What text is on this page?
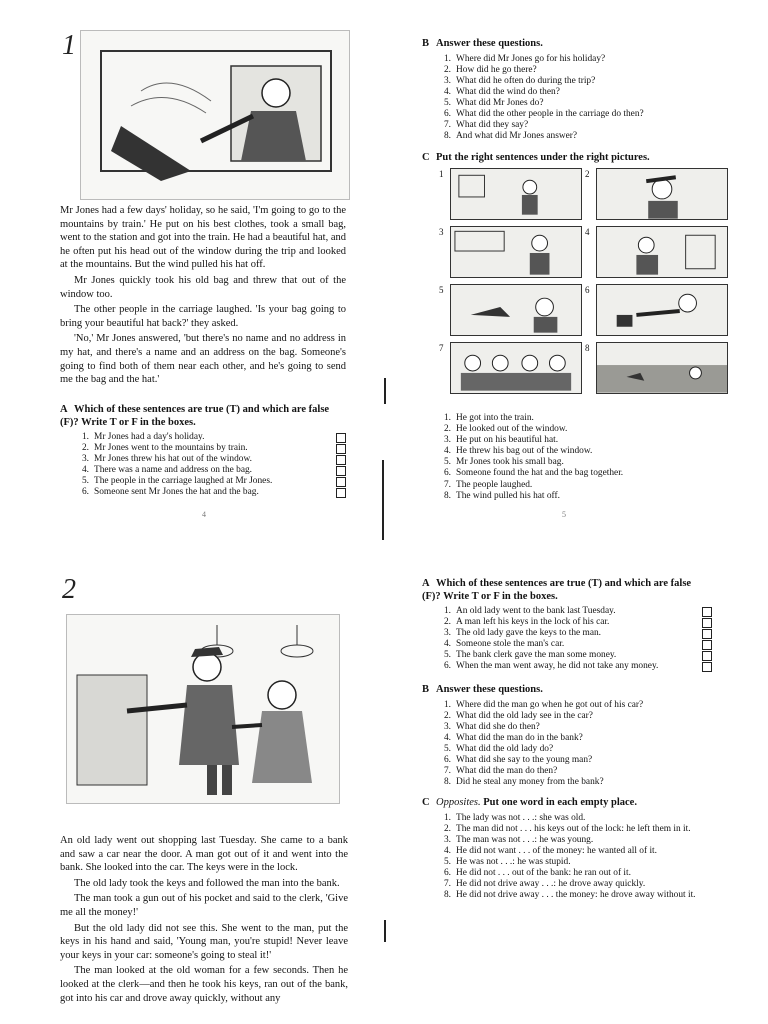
1

Mr Jones had a few days' holiday, so he said, 'I'm going to go to the mountains by train.' He put on his best clothes, took a small bag, went to the station and got into the train. He had a beautiful hat, and he often put his head out of the window during the trip and looked at the mountains. But the wind pulled his hat off.

Mr Jones quickly took his old bag and threw that out of the window too.

The other people in the carriage laughed. 'Is your bag going to bring your beautiful hat back?' they asked.

'No,' Mr Jones answered, 'but there's no name and no address in my hat, and there's a name and an address on the bag. Someone's going to find both of them near each other, and he's going to send me the bag and the hat.'

A Which of these sentences are true (T) and which are false (F)? Write T or F in the boxes.

1. Mr Jones had a day's holiday.
2. Mr Jones went to the mountains by train.
3. Mr Jones threw his hat out of the window.
4. There was a name and address on the bag.
5. The people in the carriage laughed at Mr Jones.
6. Someone sent Mr Jones the hat and the bag.
4

B Answer these questions.

1. Where did Mr Jones go for his holiday?
2. How did he go there?
3. What did he often do during the trip?
4. What did the wind do then?
5. What did Mr Jones do?
6. What did the other people in the carriage do then?
7. What did they say?
8. And what did Mr Jones answer?

C Put the right sentences under the right pictures.

1	2
3	4
5	6
7	8
1. He got into the train.
2. He looked out of the window.
3. He put on his beautiful hat.
4. He threw his bag out of the window.
5. Mr Jones took his small bag.
6. Someone found the hat and the bag together.
7. The people laughed.
8. The wind pulled his hat off.
5
2

An old lady went out shopping last Tuesday. She came to a bank and saw a car near the door. A man got out of it and went into the bank. She looked into the car. The keys were in the lock.

The old lady took the keys and followed the man into the bank.

The man took a gun out of his pocket and said to the clerk, 'Give me all the money!'

But the old lady did not see this. She went to the man, put the keys in his hand and said, 'Young man, you're stupid! Never leave your keys in your car: someone's going to steal it!'

The man looked at the old woman for a few seconds. Then he looked at the clerk—and then he took his keys, ran out of the bank, got into his car and drove away quickly, without any

A Which of these sentences are true (T) and which are false (F)? Write T or F in the boxes.

1. An old lady went to the bank last Tuesday.
2. A man left his keys in the lock of his car.
3. The old lady gave the keys to the man.
4. Someone stole the man's car.
5. The bank clerk gave the man some money.
6. When the man went away, he did not take any money.

B Answer these questions.

1. Where did the man go when he got out of his car?
2. What did the old lady see in the car?
3. What did she do then?
4. What did the man do in the bank?
5. What did the old lady do?
6. What did she say to the young man?
7. What did the man do then?
8. Did he steal any money from the bank?

C Opposites. Put one word in each empty place.

1. The lady was not . . .: she was old.
2. The man did not . . . his keys out of the lock: he left them in it.
3. The man was not . . .: he was young.
4. He did not want . . . of the money: he wanted all of it.
5. He was not . . .: he was stupid.
6. He did not . . . out of the bank: he ran out of it.
7. He did not drive away . . .: he drove away quickly.
8. He did not drive away . . . the money: he drove away without it.
